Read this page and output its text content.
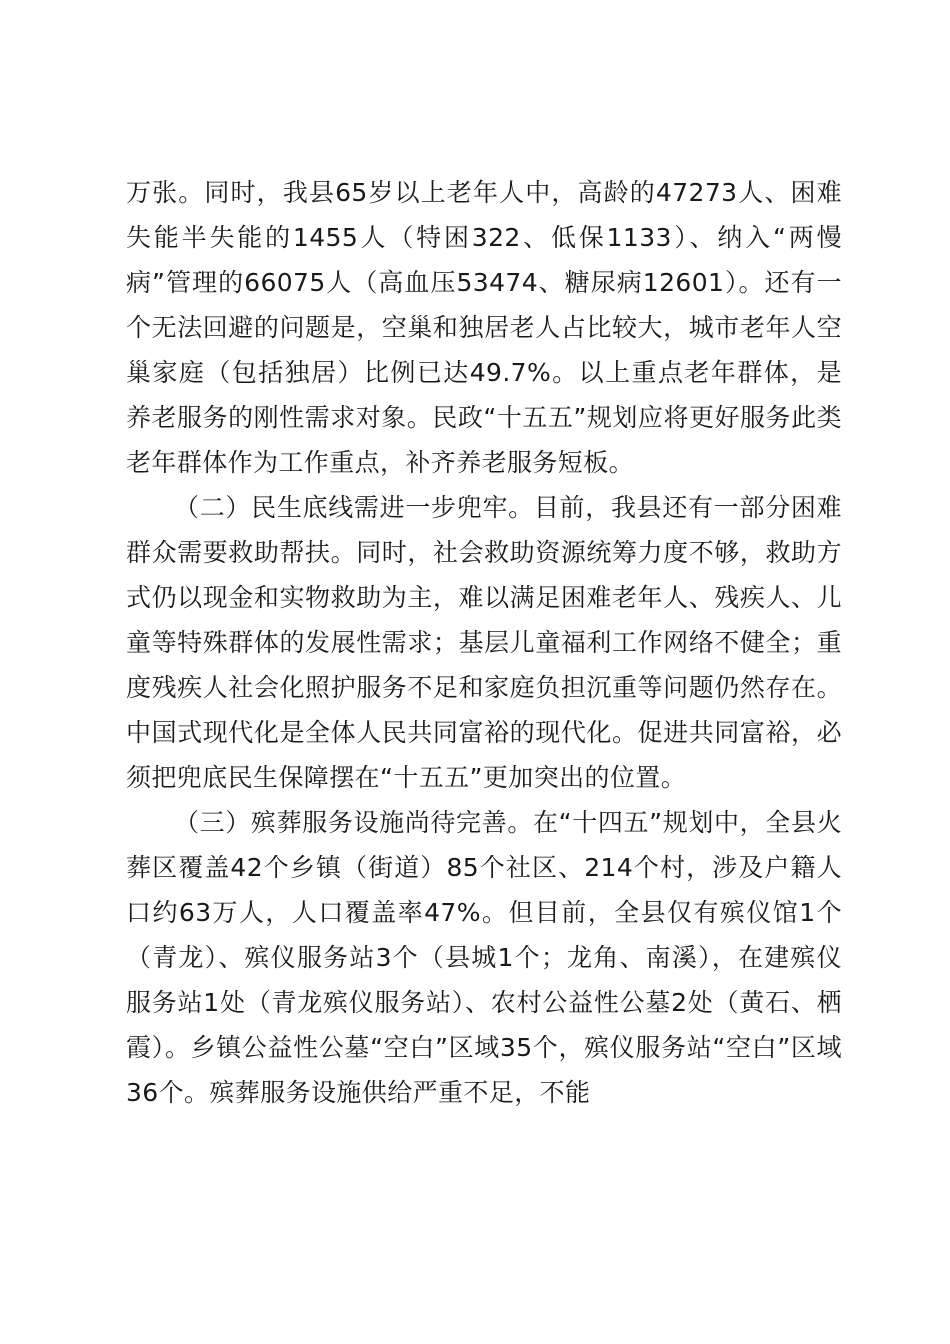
万张。同时，我县65岁以上老年人中，高龄的47273人、困难失能半失能的1455人（特困322、低保1133）、纳入“两慢病”管理的66075人（高血压53474、糖尿病12601）。还有一个无法回避的问题是，空巢和独居老人占比较大，城市老年人空巢家庭（包括独居）比例已达49.7%。以上重点老年群体，是养老服务的刚性需求对象。民政“十五五”规划应将更好服务此类老年群体作为工作重点，补齐养老服务短板。

（二）民生底线需进一步兜牢。目前，我县还有一部分困难群众需要救助帮扶。同时，社会救助资源统筹力度不够，救助方式仍以现金和实物救助为主，难以满足困难老年人、残疾人、儿童等特殊群体的发展性需求；基层儿童福利工作网络不健全；重度残疾人社会化照护服务不足和家庭负担沉重等问题仍然存在。中国式现代化是全体人民共同富裕的现代化。促进共同富裕，必须把兜底民生保障摆在“十五五”更加突出的位置。

（三）殡葬服务设施尚待完善。在“十四五”规划中，全县火葬区覆盖42个乡镇（街道）85个社区、214个村，涉及户籍人口约63万人，人口覆盖率47%。但目前，全县仅有殡仪馆1个（青龙）、殡仪服务站3个（县城1个；龙角、南溪），在建殡仪服务站1处（青龙殡仪服务站）、农村公益性公墓2处（黄石、栖霞）。乡镇公益性公墓“空白”区域35个，殡仪服务站“空白”区域36个。殡葬服务设施供给严重不足，不能
